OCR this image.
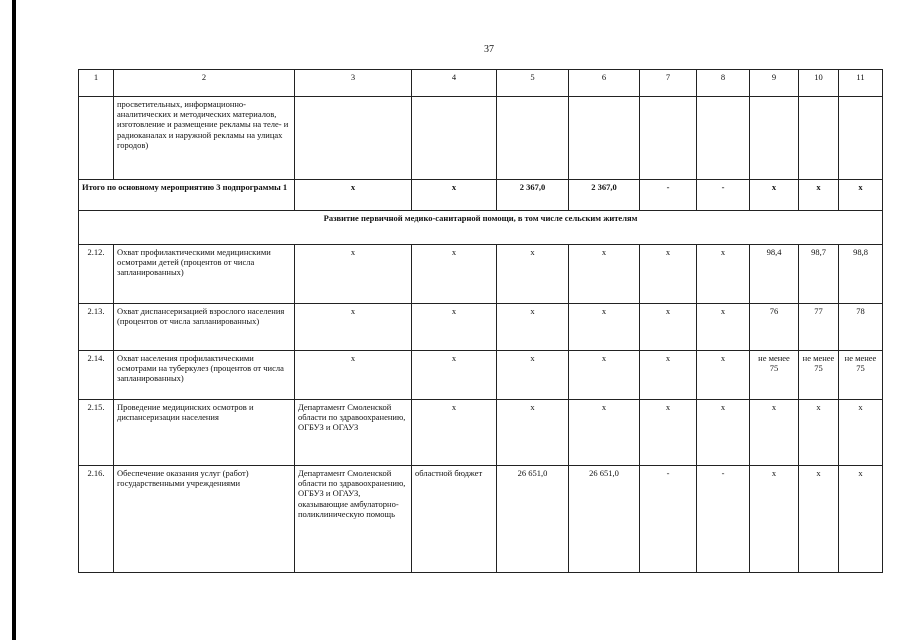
37
1	2	3	4	5	6	7	8	9	10	11
	просветительных, информационно-аналитических и методических материалов, изготовление и размещение рекламы на теле- и радиоканалах и наружной рекламы на улицах городов)									
Итого по основному мероприятию 3 подпрограммы 1		х	х	2 367,0	2 367,0	-	-	х	х	х
Развитие первичной медико-санитарной помощи, в том числе сельским жителям										
2.12.	Охват профилактическими медицинскими осмотрами детей (процентов от числа запланированных)	х	х	х	х	х	х	98,4	98,7	98,8
2.13.	Охват диспансеризацией взрослого населения (процентов от числа запланированных)	х	х	х	х	х	х	76	77	78
2.14.	Охват населения профилактическими осмотрами на туберкулез (процентов от числа запланированных)	х	х	х	х	х	х	не менее 75	не менее 75	не менее 75
2.15.	Проведение медицинских осмотров и диспансеризации населения	Департамент Смоленской области по здравоохранению, ОГБУЗ и ОГАУЗ	х	х	х	х	х	х	х	х
2.16.	Обеспечение оказания услуг (работ) государственными учреждениями	Департамент Смоленской области по здравоохранению, ОГБУЗ и ОГАУЗ, оказывающие амбулаторно-поликлиническую помощь	областной бюджет	26 651,0	26 651,0	-	-	х	х	х
